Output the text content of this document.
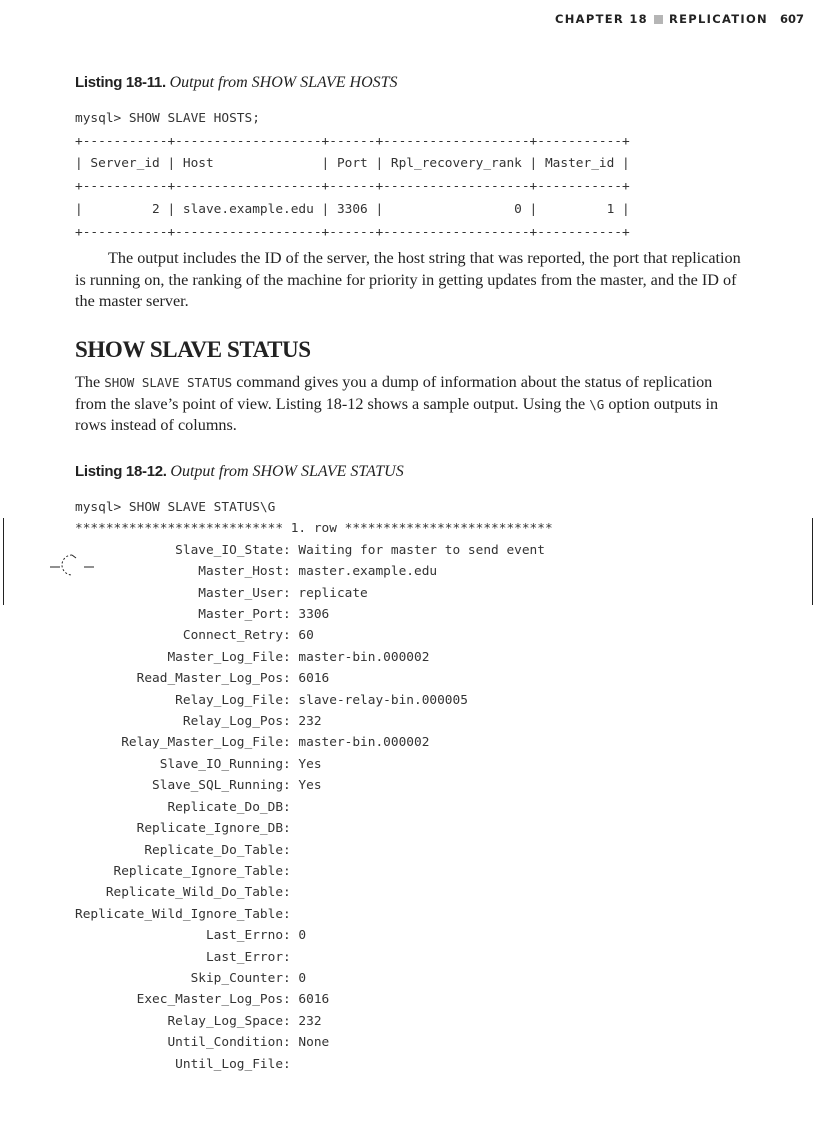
CHAPTER 18 REPLICATION 607
Listing 18-11. Output from SHOW SLAVE HOSTS
mysql> SHOW SLAVE HOSTS;
+-----------+-------------------+------+-------------------+-----------+
| Server_id | Host              | Port | Rpl_recovery_rank | Master_id |
+-----------+-------------------+------+-------------------+-----------+
|         2 | slave.example.edu | 3306 |                 0 |         1 |
+-----------+-------------------+------+-------------------+-----------+

The output includes the ID of the server, the host string that was reported, the port that replication is running on, the ranking of the machine for priority in getting updates from the master, and the ID of the master server.

SHOW SLAVE STATUS

The SHOW SLAVE STATUS command gives you a dump of information about the status of replication from the slave’s point of view. Listing 18-12 shows a sample output. Using the \G option outputs in rows instead of columns.

Listing 18-12. Output from SHOW SLAVE STATUS
mysql> SHOW SLAVE STATUS\G
*************************** 1. row ***************************
Slave_IO_State: Waiting for master to send event
Master_Host: master.example.edu
Master_User: replicate
Master_Port: 3306
Connect_Retry: 60
Master_Log_File: master-bin.000002
Read_Master_Log_Pos: 6016
Relay_Log_File: slave-relay-bin.000005
Relay_Log_Pos: 232
Relay_Master_Log_File: master-bin.000002
Slave_IO_Running: Yes
Slave_SQL_Running: Yes
Replicate_Do_DB:
Replicate_Ignore_DB:
Replicate_Do_Table:
Replicate_Ignore_Table:
Replicate_Wild_Do_Table:
Replicate_Wild_Ignore_Table:
Last_Errno: 0
Last_Error:
Skip_Counter: 0
Exec_Master_Log_Pos: 6016
Relay_Log_Space: 232
Until_Condition: None
Until_Log_File:
